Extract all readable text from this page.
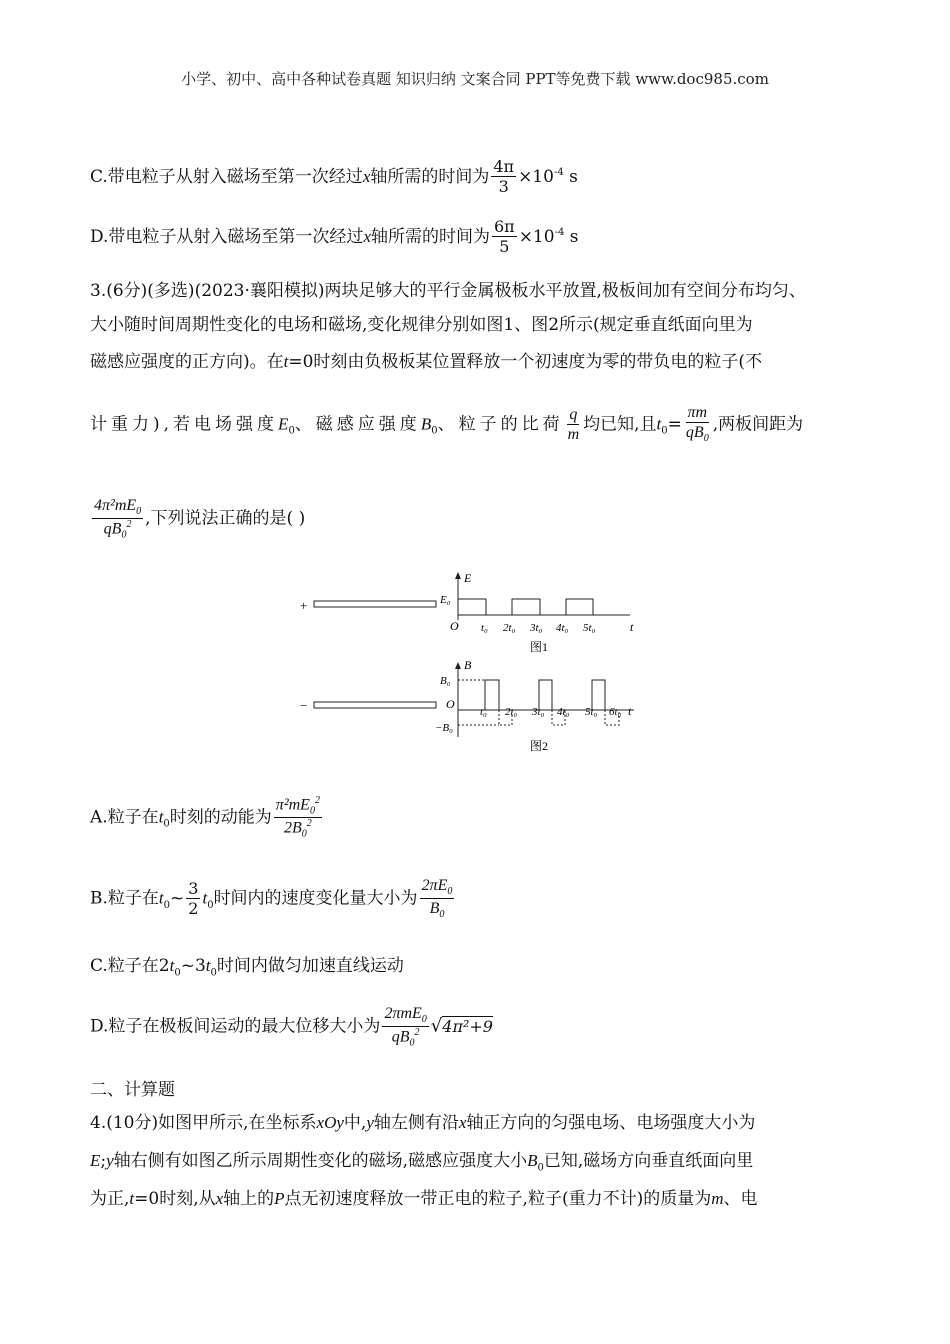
小学、初中、高中各种试卷真题 知识归纳 文案合同 PPT等免费下载 www.doc985.com
C.带电粒子从射入磁场至第一次经过x轴所需的时间为 $\frac{4\pi}{3} \times 10^{-4}$ s
D.带电粒子从射入磁场至第一次经过x轴所需的时间为 $\frac{6\pi}{5} \times 10^{-4}$ s
3.(6分)(多选)(2023·襄阳模拟)两块足够大的平行金属极板水平放置,极板间加有空间分布均匀、
大小随时间周期性变化的电场和磁场,变化规律分别如图1、图2所示(规定垂直纸面向里为
磁感应强度的正方向)。在t=0时刻由负极板某位置释放一个初速度为零的带负电的粒子(不
计重力),若电场强度$E_0$、磁感应强度$B_0$、粒子的比荷 $\frac{q}{m}$ 均已知,且$t_0= \frac{\pi m}{qB_0}$ ,两板间距为
$\frac{4\pi^2mE_0}{qB_0^2}$ ,下列说法正确的是( )
+
−
E
E₀
O t₀ 2t₀ 3t₀ 4t₀ 5t₀	t
图1
B
B₀
−B₀
O
t₀ 2t₀ 3t₀ 4t₀ 5t₀ 6t₀ t
图2
A.粒子在$t_0$时刻的动能为 $\frac{\pi^2mE_0^2}{2B_0^2}$
B.粒子在$t_0\sim \frac{3}{2} t_0$时间内的速度变化量大小为 $\frac{2\pi E_0}{B_0}$
C.粒子在$2t_0\sim 3t_0$时间内做匀加速直线运动
D.粒子在极板间运动的最大位移大小为 $\frac{2\pi mE_0}{qB_0^2} √4\pi^2+9$
二、计算题
4.(10分)如图甲所示,在坐标系xOy中,y轴左侧有沿x轴正方向的匀强电场、电场强度大小为
E;y轴右侧有如图乙所示周期性变化的磁场,磁感应强度大小$B_0$已知,磁场方向垂直纸面向里
为正,t=0时刻,从x轴上的P点无初速度释放一带正电的粒子,粒子(重力不计)的质量为m、电
